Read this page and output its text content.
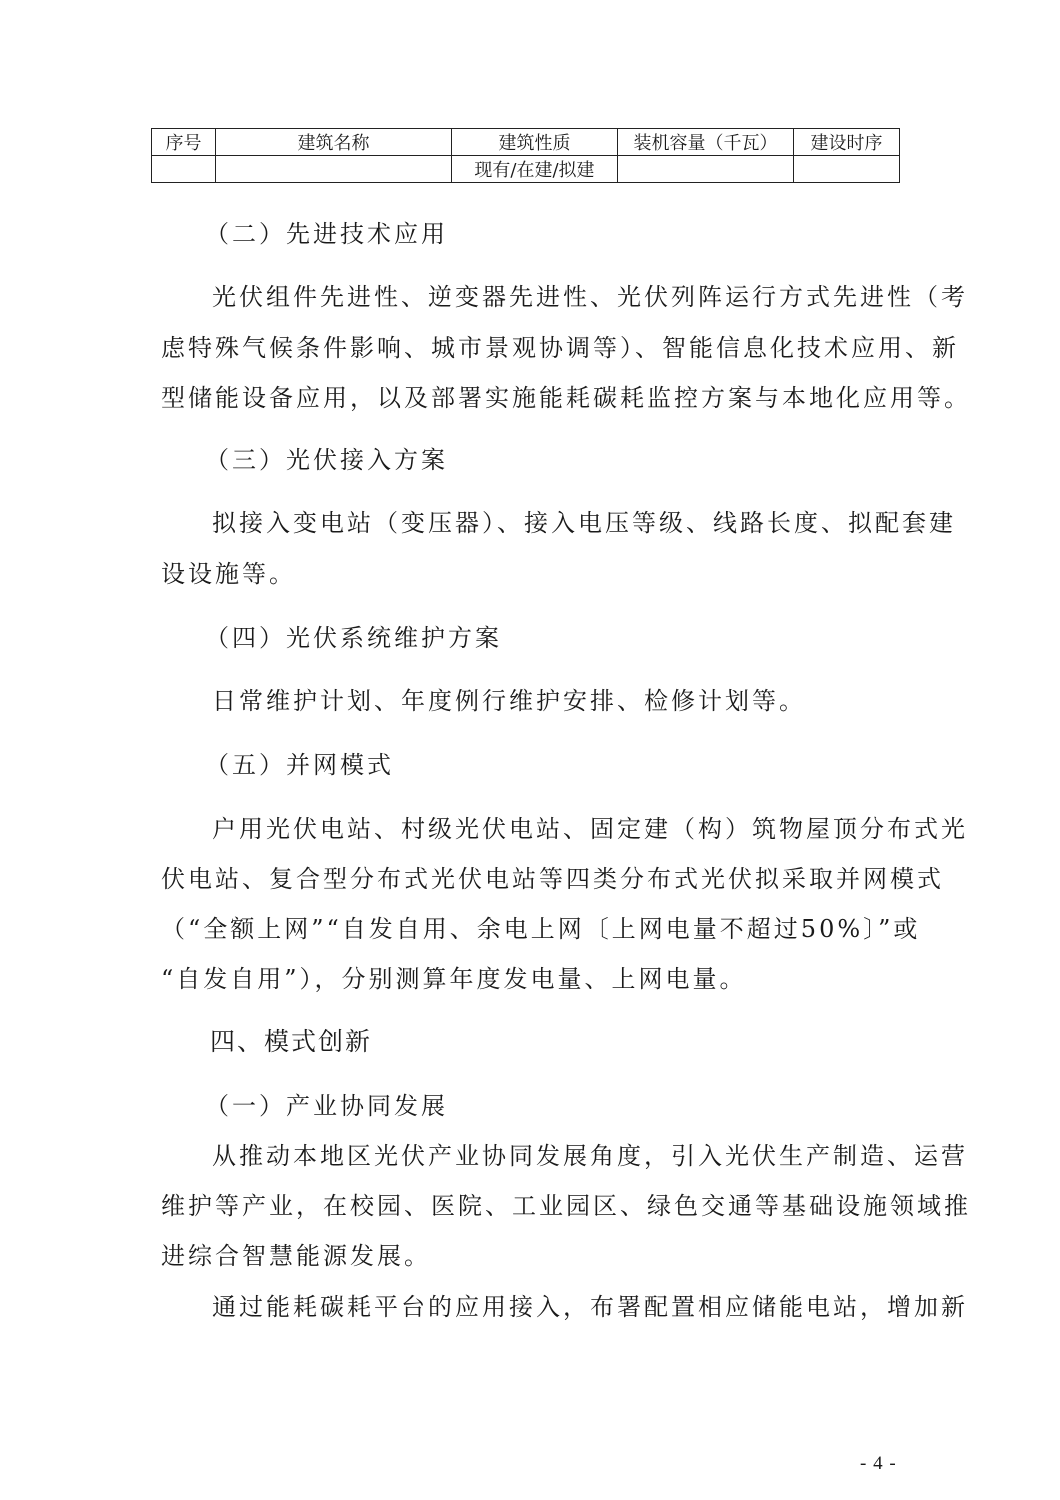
序号	建筑名称	建筑性质	装机容量（千瓦）	建设时序
		现有/在建/拟建		
（二）先进技术应用
光伏组件先进性、逆变器先进性、光伏列阵运行方式先进性（考
虑特殊气候条件影响、城市景观协调等）、智能信息化技术应用、新
型储能设备应用，以及部署实施能耗碳耗监控方案与本地化应用等。
（三）光伏接入方案
拟接入变电站（变压器）、接入电压等级、线路长度、拟配套建
设设施等。
（四）光伏系统维护方案
日常维护计划、年度例行维护安排、检修计划等。
（五）并网模式
户用光伏电站、村级光伏电站、固定建（构）筑物屋顶分布式光
伏电站、复合型分布式光伏电站等四类分布式光伏拟采取并网模式
（“全额上网”“自发自用、余电上网〔上网电量不超过50%〕”或
“自发自用”），分别测算年度发电量、上网电量。
四、模式创新
（一）产业协同发展
从推动本地区光伏产业协同发展角度，引入光伏生产制造、运营
维护等产业，在校园、医院、工业园区、绿色交通等基础设施领域推
进综合智慧能源发展。
通过能耗碳耗平台的应用接入，布署配置相应储能电站，增加新
- 4 -
